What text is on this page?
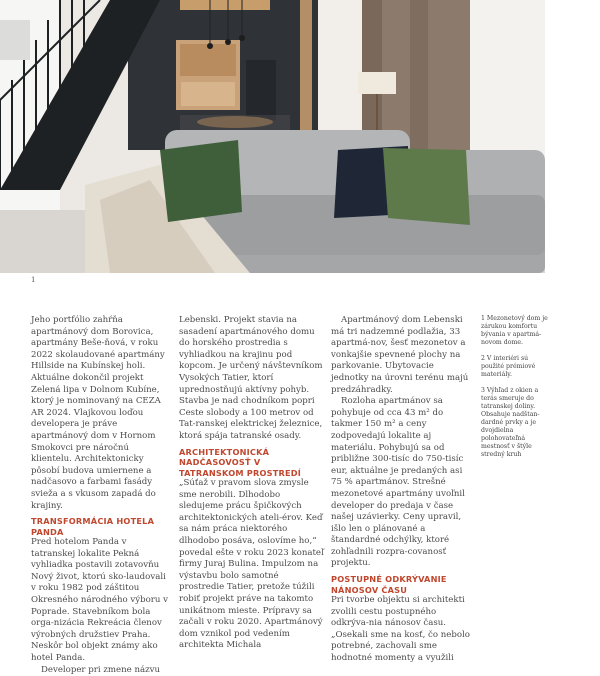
1

Jeho portfólio zahŕňa apartmánový dom Borovica, apartmány Beše-ňová, v roku 2022 skolaudované apartmány Hillside na Kubínskej holi. Aktuálne dokončil projekt Zelená lipa v Dolnom Kubíne, ktorý je nominovaný na CEZA AR 2024. Vlajkovou loďou developera je práve apartmánový dom v Hornom Smokovci pre náročnú klientelu. Architektonicky pôsobí budova umiernene a nadčasovo a farbami fasády svieža a s vkusom zapadá do krajiny.

TRANSFORMÁCIA HOTELA PANDA

Pred hotelom Panda v tatranskej lokalite Pekná vyhliadka postavili zotavovňu Nový život, ktorú sko-laudovali v roku 1982 pod záštitou Okresného národného výboru v Poprade. Stavebníkom bola orga-nizácia Rekreácia členov výrobných družstiev Praha. Neskôr bol objekt známy ako hotel Panda.

Developer pri zmene názvu

Lebenski. Projekt stavia na sasadení apartmánového domu do horského prostredia s vyhliadkou na krajinu pod kopcom. Je určený návštevníkom Vysokých Tatier, ktorí uprednostňujú aktívny pohyb. Stavba je nad chodníkom popri Ceste slobody a 100 metrov od Tat-ranskej elektrickej železnice, ktorá spája tatranské osady.

ARCHITEKTONICKÁ NADČASOVOSŤ V TATRANSKOM PROSTREDÍ

„Súťaž v pravom slova zmysle sme nerobili. Dlhodobo sledujeme prácu špičkových architektonických ateli-érov. Keď sa nám práca niektorého dlhodobo posáva, oslovíme ho,“ povedal ešte v roku 2023 konateľ firmy Juraj Bulina. Impulzom na výstavbu bolo samotné prostredie Tatier, pretože túžili robiť projekt práve na takomto unikátnom mieste. Prípravy sa začali v roku 2020. Apartmánový dom vznikol pod vedením architekta Michala

Apartmánový dom Lebenski má tri nadzemné podlažia, 33 apartmá-nov, šesť mezonetov a vonkajšie spevnené plochy na parkovanie. Ubytovacie jednotky na úrovni terénu majú predzáhradky.

Rozloha apartmánov sa pohybuje od cca 43 m² do takmer 150 m² a ceny zodpovedajú lokalite aj materiálu. Pohybujú sa od približne 300-tisíc do 750-tisíc eur, aktuálne je predaných asi 75 % apartmánov. Strešné mezonetové apartmány uvoľnil developer do predaja v čase našej uzávierky. Ceny upravil, išlo len o plánované a štandardné odchýlky, ktoré zohľadnili rozpra-covanosť projektu.

POSTUPNÉ ODKRÝVANIE NÁNOSOV ČASU

Pri tvorbe objektu si architekti zvolili cestu postupného odkrýva-nia nánosov času. „Osekali sme na kosť, čo nebolo potrebné, zachovali sme hodnotné momenty a využili

1 Mezonetový dom je zárukou komfortu bývania v apartmá-novom dome.

2 V interiéri sú použité prémiové materiály.

3 Výhľad z okien a terás smeruje do tatranskej doliny. Obsahuje nadštan-dardné prvky a je dvojdielna polohovateľná mestnosť v štýle stredný kruh
